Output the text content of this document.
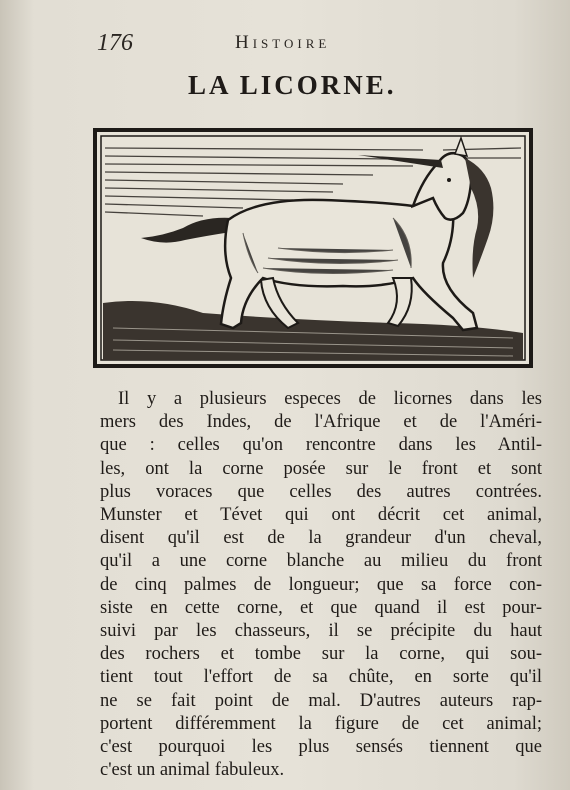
176	Histoire
LA LICORNE.

Il y a plusieurs especes de licornes dans les
mers des Indes, de l'Afrique et de l'Améri-
que : celles qu'on rencontre dans les Antil-
les, ont la corne posée sur le front et sont
plus voraces que celles des autres contrées.
Munster et Tévet qui ont décrit cet animal,
disent qu'il est de la grandeur d'un cheval,
qu'il a une corne blanche au milieu du front
de cinq palmes de longueur; que sa force con-
siste en cette corne, et que quand il est pour-
suivi par les chasseurs, il se précipite du haut
des rochers et tombe sur la corne, qui sou-
tient tout l'effort de sa chûte, en sorte qu'il
ne se fait point de mal. D'autres auteurs rap-
portent différemment la figure de cet animal;
c'est pourquoi les plus sensés tiennent que
c'est un animal fabuleux.
